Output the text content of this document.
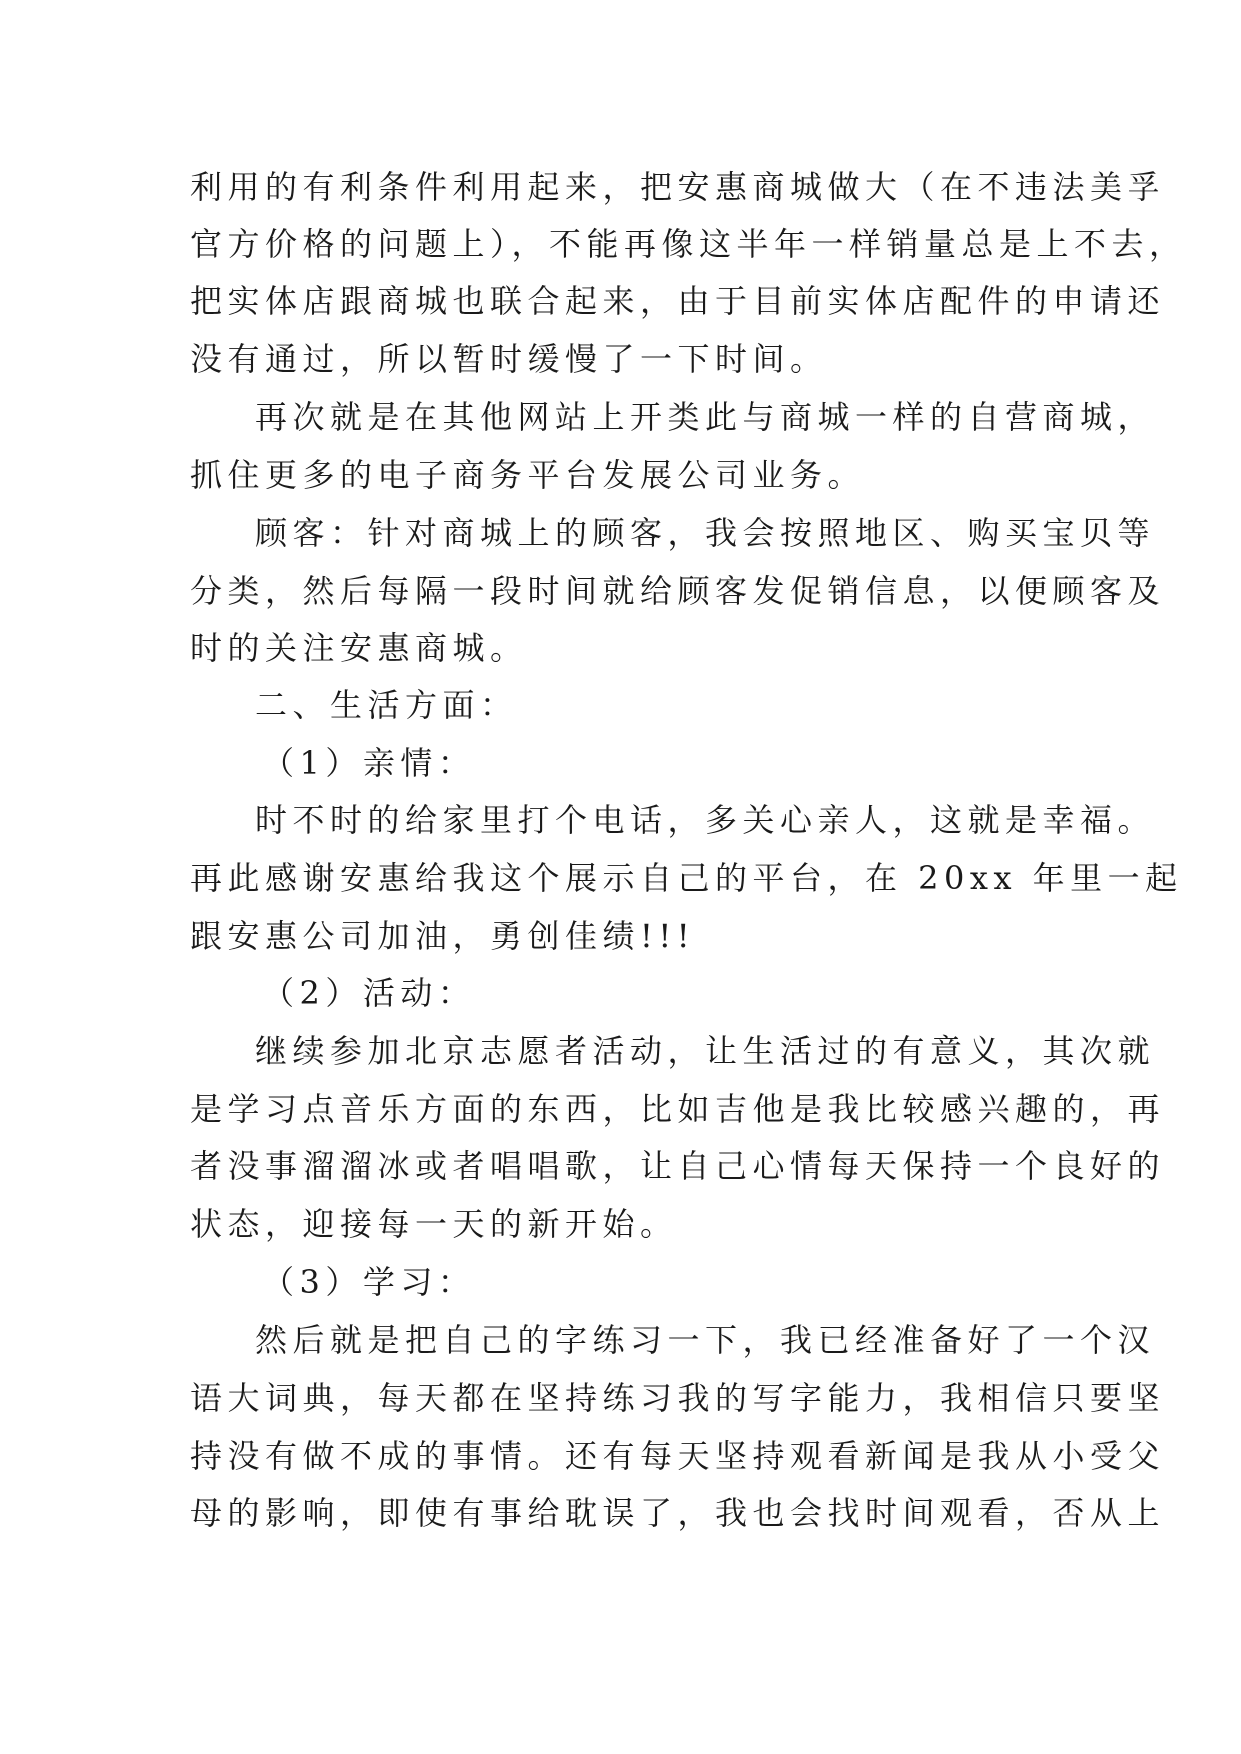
利用的有利条件利用起来，把安惠商城做大（在不违法美孚
官方价格的问题上），不能再像这半年一样销量总是上不去，
把实体店跟商城也联合起来，由于目前实体店配件的申请还
没有通过，所以暂时缓慢了一下时间。
再次就是在其他网站上开类此与商城一样的自营商城，
抓住更多的电子商务平台发展公司业务。
顾客：针对商城上的顾客，我会按照地区、购买宝贝等
分类，然后每隔一段时间就给顾客发促销信息，以便顾客及
时的关注安惠商城。
二、生活方面：
（1）亲情：
时不时的给家里打个电话，多关心亲人，这就是幸福。
再此感谢安惠给我这个展示自己的平台，在 20xx 年里一起
跟安惠公司加油，勇创佳绩!!!
（2）活动：
继续参加北京志愿者活动，让生活过的有意义，其次就
是学习点音乐方面的东西，比如吉他是我比较感兴趣的，再
者没事溜溜冰或者唱唱歌，让自己心情每天保持一个良好的
状态，迎接每一天的新开始。
（3）学习：
然后就是把自己的字练习一下，我已经准备好了一个汉
语大词典，每天都在坚持练习我的写字能力，我相信只要坚
持没有做不成的事情。还有每天坚持观看新闻是我从小受父
母的影响，即使有事给耽误了，我也会找时间观看，否从上
